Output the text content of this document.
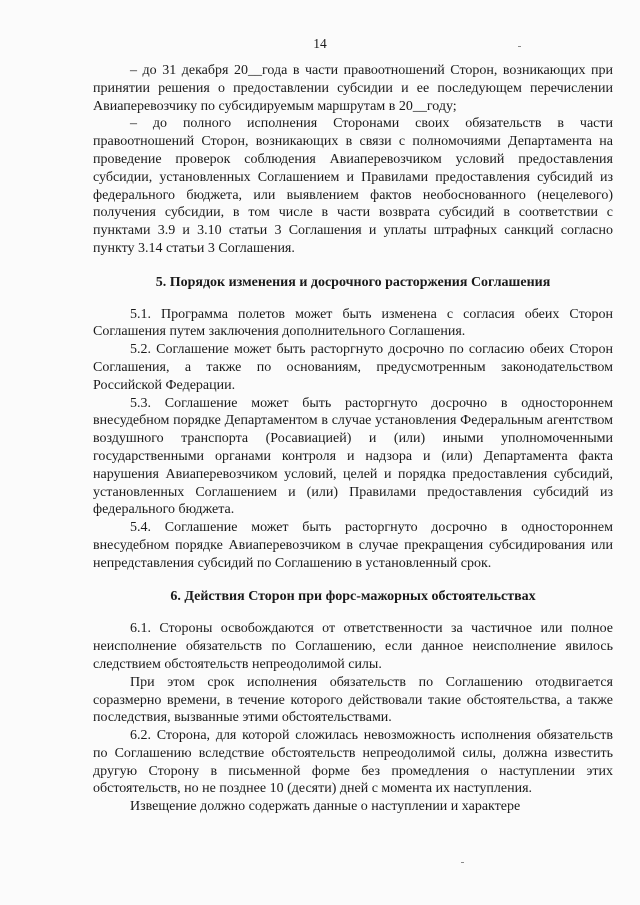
14

– до 31 декабря 20__года в части правоотношений Сторон, возникающих при принятии решения о предоставлении субсидии и ее последующем перечислении Авиаперевозчику по субсидируемым маршрутам в 20__году;

– до полного исполнения Сторонами своих обязательств в части правоотношений Сторон, возникающих в связи с полномочиями Департамента на проведение проверок соблюдения Авиаперевозчиком условий предоставления субсидии, установленных Соглашением и Правилами предоставления субсидий из федерального бюджета, или выявлением фактов необоснованного (нецелевого) получения субсидии, в том числе в части возврата субсидий в соответствии с пунктами 3.9 и 3.10 статьи 3 Соглашения и уплаты штрафных санкций согласно пункту 3.14 статьи 3 Соглашения.

5. Порядок изменения и досрочного расторжения Соглашения

5.1. Программа полетов может быть изменена с согласия обеих Сторон Соглашения путем заключения дополнительного Соглашения.

5.2. Соглашение может быть расторгнуто досрочно по согласию обеих Сторон Соглашения, а также по основаниям, предусмотренным законодательством Российской Федерации.

5.3. Соглашение может быть расторгнуто досрочно в одностороннем внесудебном порядке Департаментом в случае установления Федеральным агентством воздушного транспорта (Росавиацией) и (или) иными уполномоченными государственными органами контроля и надзора и (или) Департамента факта нарушения Авиаперевозчиком условий, целей и порядка предоставления субсидий, установленных Соглашением и (или) Правилами предоставления субсидий из федерального бюджета.

5.4. Соглашение может быть расторгнуто досрочно в одностороннем внесудебном порядке Авиаперевозчиком в случае прекращения субсидирования или непредставления субсидий по Соглашению в установленный срок.

6. Действия Сторон при форс-мажорных обстоятельствах

6.1. Стороны освобождаются от ответственности за частичное или полное неисполнение обязательств по Соглашению, если данное неисполнение явилось следствием обстоятельств непреодолимой силы.

При этом срок исполнения обязательств по Соглашению отодвигается соразмерно времени, в течение которого действовали такие обстоятельства, а также последствия, вызванные этими обстоятельствами.

6.2. Сторона, для которой сложилась невозможность исполнения обязательств по Соглашению вследствие обстоятельств непреодолимой силы, должна известить другую Сторону в письменной форме без промедления о наступлении этих обстоятельств, но не позднее 10 (десяти) дней с момента их наступления.

Извещение должно содержать данные о наступлении и характере
